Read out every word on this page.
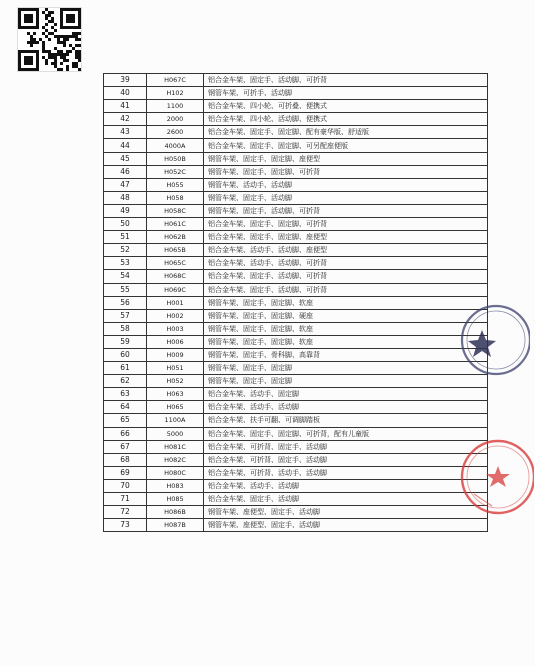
39	H067C	铝合金车架、固定手、活动脚、可折背
40	H102	钢管车架、可折手、活动脚
41	1100	铝合金车架、四小轮、可折叠、便携式
42	2000	铝合金车架、四小轮、活动脚、便携式
43	2600	铝合金车架、固定手、固定脚、配有豪华版、舒适版
44	4000A	铝合金车架、固定手、固定脚、可另配座便版
45	H050B	钢管车架、固定手、固定脚、座便型
46	H052C	钢管车架、固定手、固定脚、可折背
47	H055	钢管车架、活动手、活动脚
48	H058	钢管车架、固定手、活动脚
49	H058C	钢管车架、固定手、活动脚、可折背
50	H061C	铝合金车架、固定手、固定脚、可折背
51	H062B	铝合金车架、固定手、固定脚、座便型
52	H065B	铝合金车架、活动手、活动脚、座便型
53	H065C	铝合金车架、活动手、活动脚、可折背
54	H068C	铝合金车架、固定手、活动脚、可折背
55	H069C	铝合金车架、固定手、活动脚、可折背
56	H001	钢管车架、固定手、固定脚、软座
57	H002	钢管车架、固定手、固定脚、硬座
58	H003	钢管车架、固定手、固定脚、软座
59	H006	钢管车架、固定手、固定脚、软座
60	H009	钢管车架、固定手、骨科脚、高靠背
61	H051	钢管车架、固定手、固定脚
62	H052	钢管车架、固定手、固定脚
63	H063	铝合金车架、活动手、固定脚
64	H065	铝合金车架、活动手、活动脚
65	1100A	铝合金车架、扶手可翻、可调脚踏板
66	5000	铝合金车架、固定手、固定脚、可折背，配有儿童版
67	H081C	铝合金车架、可折背、固定手、活动脚
68	H082C	铝合金车架、可折背、固定手、活动脚
69	H080C	铝合金车架、可折背、活动手、活动脚
70	H083	铝合金车架、活动手、活动脚
71	H085	铝合金车架、固定手、活动脚
72	H086B	钢管车架、座便型、固定手、活动脚
73	H087B	钢管车架、座便型、固定手、活动脚
